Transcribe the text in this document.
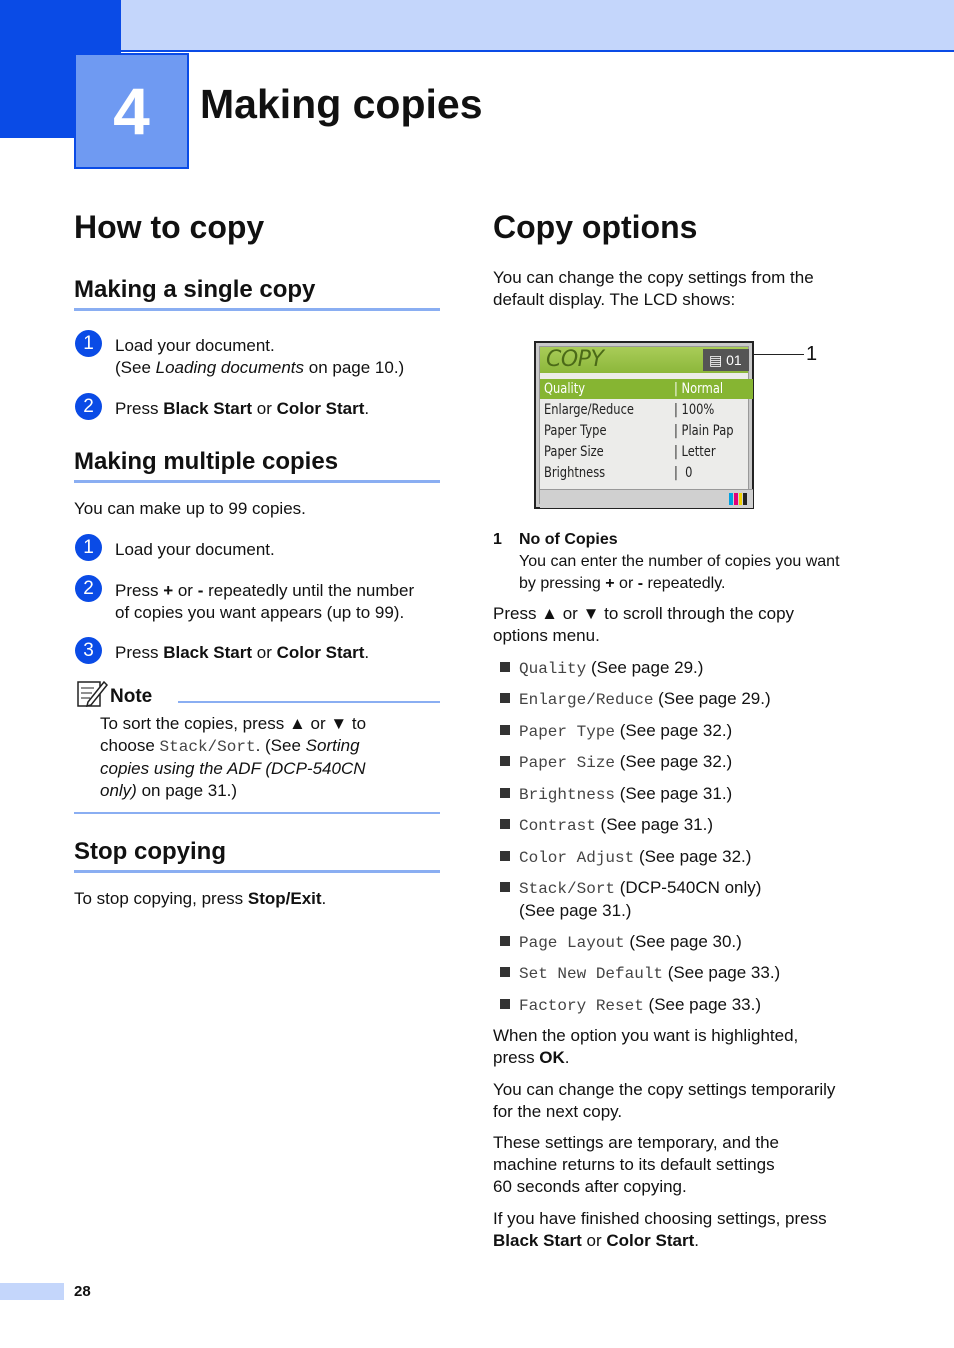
4 Making copies
How to copy
Making a single copy
1	Load your document.
(See Loading documents on page 10.)
2	Press Black Start or Color Start.
Making multiple copies
You can make up to 99 copies.
1	Load your document.
2	Press + or - repeatedly until the number
of copies you want appears (up to 99).
3	Press Black Start or Color Start.
Note
To sort the copies, press ▲ or ▼ to
choose Stack/Sort. (See Sorting
copies using the ADF (DCP-540CN
only) on page 31.)
Stop copying
To stop copying, press Stop/Exit.
Copy options
You can change the copy settings from the
default display. The LCD shows:
COPY	▤ 01
Quality	| Normal
Enlarge/Reduce	| 100%
Paper Type	| Plain Pap
Paper Size	| Letter
Brightness	|  0
1
1 No of Copies
You can enter the number of copies you want
by pressing + or - repeatedly.
Press ▲ or ▼ to scroll through the copy
options menu.
Quality (See page 29.)
Enlarge/Reduce (See page 29.)
Paper Type (See page 32.)
Paper Size (See page 32.)
Brightness (See page 31.)
Contrast (See page 31.)
Color Adjust (See page 32.)
Stack/Sort (DCP-540CN only)
(See page 31.)
Page Layout (See page 30.)
Set New Default (See page 33.)
Factory Reset (See page 33.)
When the option you want is highlighted,
press OK.
You can change the copy settings temporarily
for the next copy.
These settings are temporary, and the
machine returns to its default settings
60 seconds after copying.
If you have finished choosing settings, press
Black Start or Color Start.
28
